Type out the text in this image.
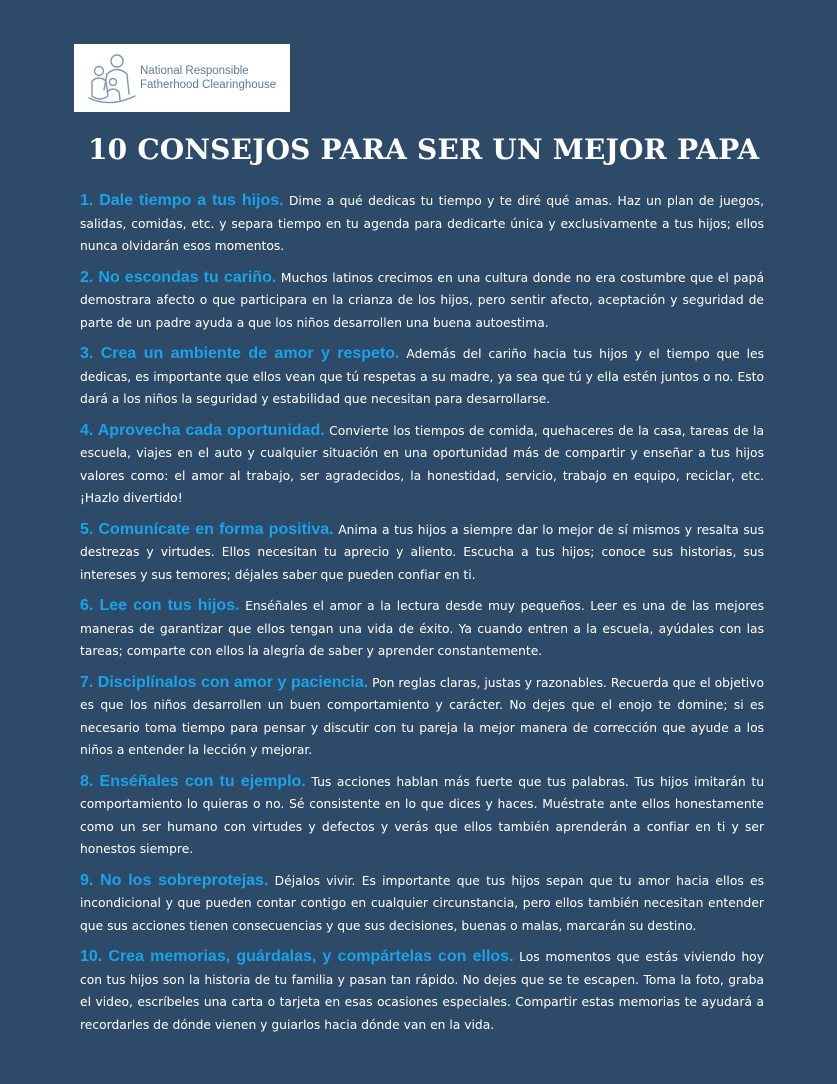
National Responsible
Fatherhood Clearinghouse
10 CONSEJOS PARA SER UN MEJOR PAPA
1. Dale tiempo a tus hijos. Dime a qué dedicas tu tiempo y te diré qué amas. Haz un plan de juegos, salidas, comidas, etc. y separa tiempo en tu agenda para dedicarte única y exclusivamente a tus hijos; ellos nunca olvidarán esos momentos.
2. No escondas tu cariño. Muchos latinos crecimos en una cultura donde no era costumbre que el papá demostrara afecto o que participara en la crianza de los hijos, pero sentir afecto, aceptación y seguridad de parte de un padre ayuda a que los niños desarrollen una buena autoestima.
3. Crea un ambiente de amor y respeto. Además del cariño hacia tus hijos y el tiempo que les dedicas, es importante que ellos vean que tú respetas a su madre, ya sea que tú y ella estén juntos o no. Esto dará a los niños la seguridad y estabilidad que necesitan para desarrollarse.
4. Aprovecha cada oportunidad. Convierte los tiempos de comida, quehaceres de la casa, tareas de la escuela, viajes en el auto y cualquier situación en una oportunidad más de compartir y enseñar a tus hijos valores como: el amor al trabajo, ser agradecidos, la honestidad, servicio, trabajo en equipo, reciclar, etc. ¡Hazlo divertido!
5. Comunícate en forma positiva. Anima a tus hijos a siempre dar lo mejor de sí mismos y resalta sus destrezas y virtudes. Ellos necesitan tu aprecio y aliento. Escucha a tus hijos; conoce sus historias, sus intereses y sus temores; déjales saber que pueden confiar en ti.
6. Lee con tus hijos. Enséñales el amor a la lectura desde muy pequeños. Leer es una de las mejores maneras de garantizar que ellos tengan una vida de éxito. Ya cuando entren a la escuela, ayúdales con las tareas; comparte con ellos la alegría de saber y aprender constantemente.
7. Disciplínalos con amor y paciencia. Pon reglas claras, justas y razonables. Recuerda que el objetivo es que los niños desarrollen un buen comportamiento y carácter. No dejes que el enojo te domine; si es necesario toma tiempo para pensar y discutir con tu pareja la mejor manera de corrección que ayude a los niños a entender la lección y mejorar.
8. Enséñales con tu ejemplo. Tus acciones hablan más fuerte que tus palabras. Tus hijos imitarán tu comportamiento lo quieras o no. Sé consistente en lo que dices y haces. Muéstrate ante ellos honestamente como un ser humano con virtudes y defectos y verás que ellos también aprenderán a confiar en ti y ser honestos siempre.
9. No los sobreprotejas. Déjalos vivir. Es importante que tus hijos sepan que tu amor hacia ellos es incondicional y que pueden contar contigo en cualquier circunstancia, pero ellos también necesitan entender que sus acciones tienen consecuencias y que sus decisiones, buenas o malas, marcarán su destino.
10. Crea memorias, guárdalas, y compártelas con ellos. Los momentos que estás viviendo hoy con tus hijos son la historia de tu familia y pasan tan rápido. No dejes que se te escapen. Toma la foto, graba el video, escríbeles una carta o tarjeta en esas ocasiones especiales. Compartir estas memorias te ayudará a recordarles de dónde vienen y guiarlos hacia dónde van en la vida.
